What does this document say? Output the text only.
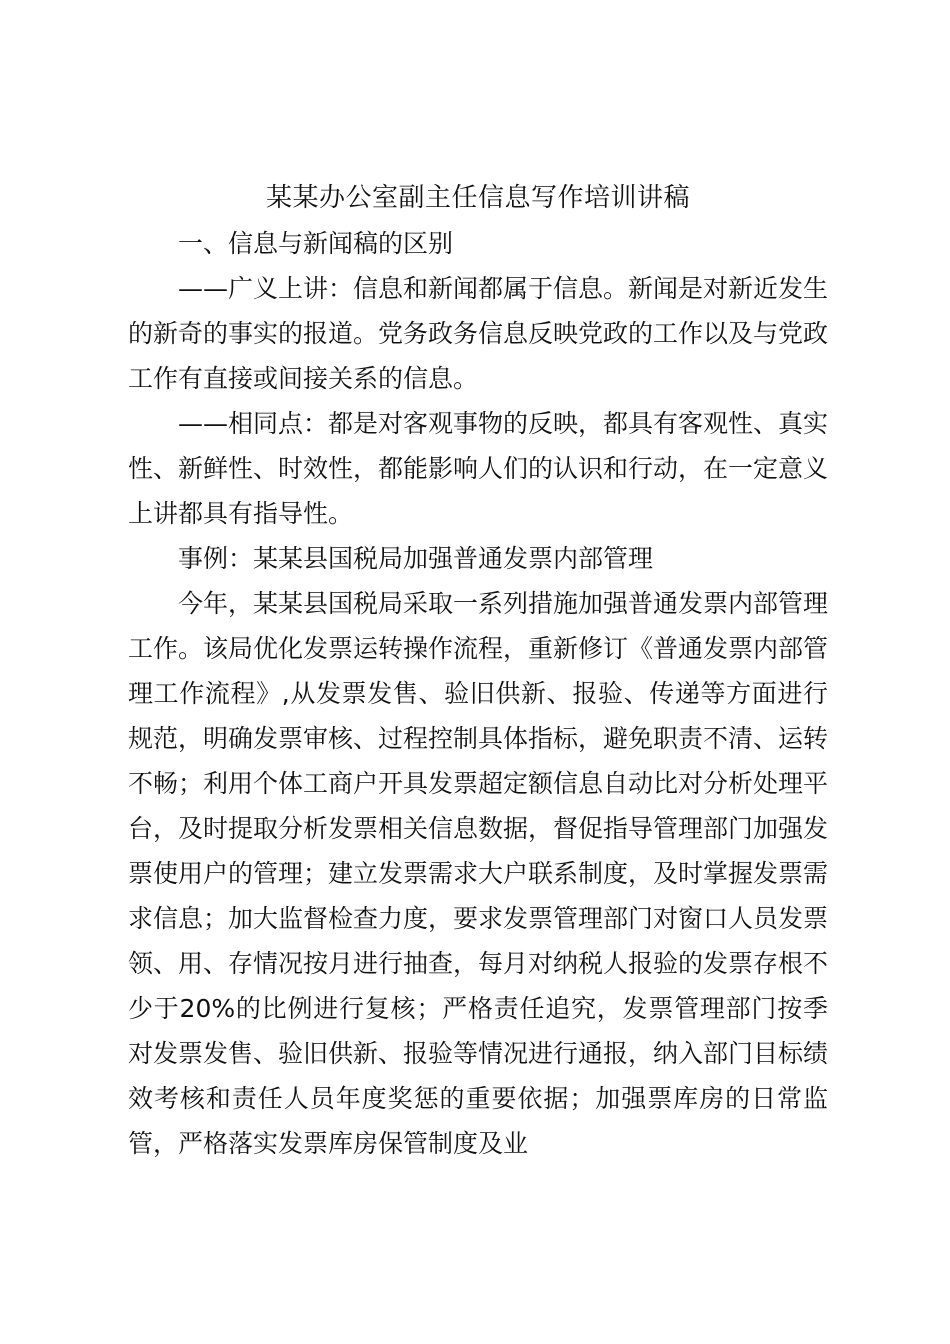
某某办公室副主任信息写作培训讲稿

一、信息与新闻稿的区别

——广义上讲：信息和新闻都属于信息。新闻是对新近发生的新奇的事实的报道。党务政务信息反映党政的工作以及与党政工作有直接或间接关系的信息。

——相同点：都是对客观事物的反映，都具有客观性、真实性、新鲜性、时效性，都能影响人们的认识和行动，在一定意义上讲都具有指导性。

事例：某某县国税局加强普通发票内部管理

今年，某某县国税局采取一系列措施加强普通发票内部管理工作。该局优化发票运转操作流程，重新修订《普通发票内部管理工作流程》,从发票发售、验旧供新、报验、传递等方面进行规范，明确发票审核、过程控制具体指标，避免职责不清、运转不畅；利用个体工商户开具发票超定额信息自动比对分析处理平台，及时提取分析发票相关信息数据，督促指导管理部门加强发票使用户的管理；建立发票需求大户联系制度，及时掌握发票需求信息；加大监督检查力度，要求发票管理部门对窗口人员发票领、用、存情况按月进行抽查，每月对纳税人报验的发票存根不少于20%的比例进行复核；严格责任追究，发票管理部门按季对发票发售、验旧供新、报验等情况进行通报，纳入部门目标绩效考核和责任人员年度奖惩的重要依据；加强票库房的日常监管，严格落实发票库房保管制度及业
